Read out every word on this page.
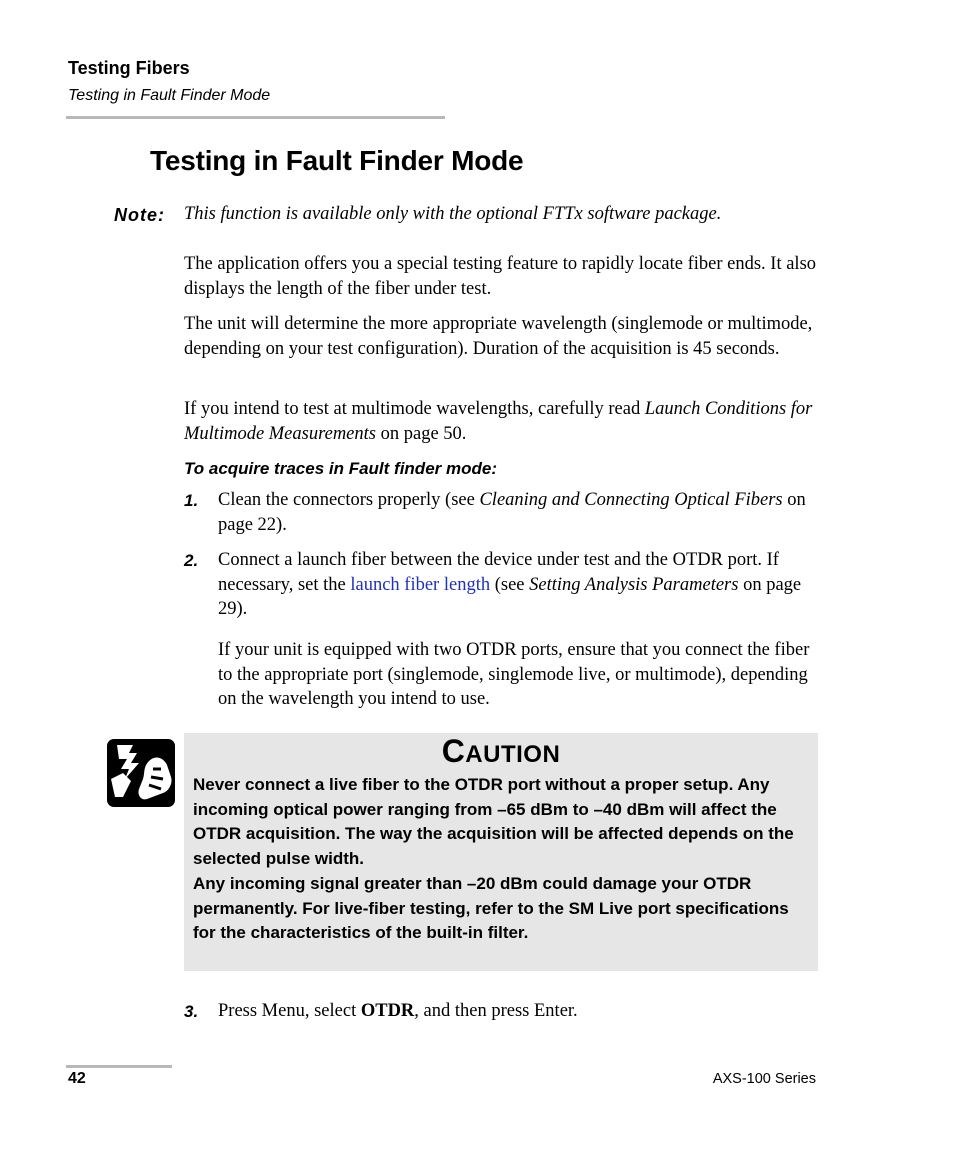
Testing Fibers
Testing in Fault Finder Mode
Testing in Fault Finder Mode
Note: This function is available only with the optional FTTx software package.

The application offers you a special testing feature to rapidly locate fiber ends. It also displays the length of the fiber under test.

The unit will determine the more appropriate wavelength (singlemode or multimode, depending on your test configuration). Duration of the acquisition is 45 seconds.

If you intend to test at multimode wavelengths, carefully read Launch Conditions for Multimode Measurements on page 50.

To acquire traces in Fault finder mode:
1. Clean the connectors properly (see Cleaning and Connecting Optical Fibers on page 22).

2. Connect a launch fiber between the device under test and the OTDR port. If necessary, set the launch fiber length (see Setting Analysis Parameters on page 29).

If your unit is equipped with two OTDR ports, ensure that you connect the fiber to the appropriate port (singlemode, singlemode live, or multimode), depending on the wavelength you intend to use.

CAUTION

Never connect a live fiber to the OTDR port without a proper setup. Any incoming optical power ranging from –65 dBm to –40 dBm will affect the OTDR acquisition. The way the acquisition will be affected depends on the selected pulse width.

Any incoming signal greater than –20 dBm could damage your OTDR permanently. For live-fiber testing, refer to the SM Live port specifications for the characteristics of the built-in filter.

3. Press Menu, select OTDR, and then press Enter.

42	AXS-100 Series
